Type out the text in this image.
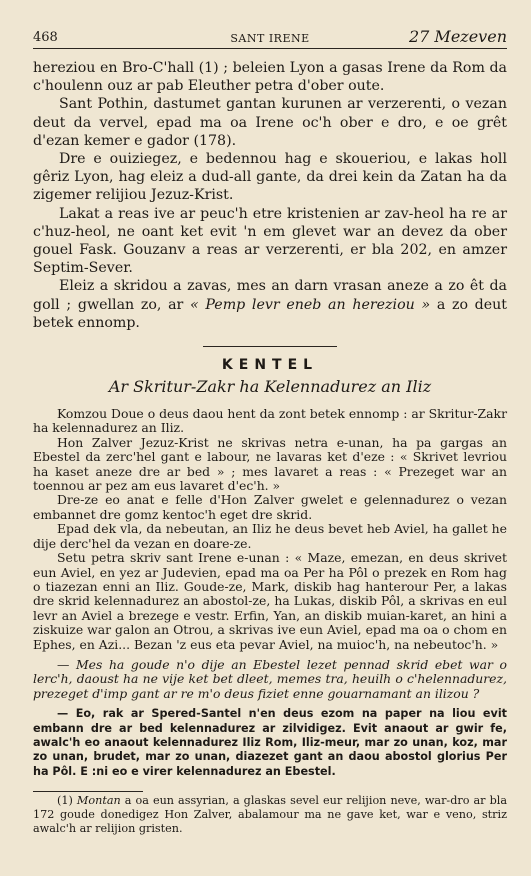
468	SANT IRENE	27 Mezeven

hereziou en Bro-C'hall (1) ; beleien Lyon a gasas Irene da Rom da c'houlenn ouz ar pab Eleuther petra d'ober oute.

Sant Pothin, dastumet gantan kurunen ar verzerenti, o vezan deut da vervel, epad ma oa Irene oc'h ober e dro, e oe grêt d'ezan kemer e gador (178).

Dre e ouiziegez, e bedennou hag e skoueriou, e lakas holl gêriz Lyon, hag eleiz a dud-all gante, da drei kein da Zatan ha da zigemer relijiou Jezuz-Krist.

Lakat a reas ive ar peuc'h etre kristenien ar zav-heol ha re ar c'huz-heol, ne oant ket evit 'n em glevet war an devez da ober gouel Fask. Gouzanv a reas ar verzerenti, er bla 202, en amzer Septim-Sever.

Eleiz a skridou a zavas, mes an darn vrasan aneze a zo êt da goll ; gwellan zo, ar « Pemp levr eneb an hereziou » a zo deut betek ennomp.

KENTEL
Ar Skritur-Zakr ha Kelennadurez an Iliz

Komzou Doue o deus daou hent da zont betek ennomp : ar Skritur-Zakr ha kelennadurez an Iliz.

Hon Zalver Jezuz-Krist ne skrivas netra e-unan, ha pa gargas an Ebestel da zerc'hel gant e labour, ne lavaras ket d'eze : « Skrivet levriou ha kaset aneze dre ar bed » ; mes lavaret a reas : « Prezeget war an toennou ar pez am eus lavaret d'ec'h. »

Dre-ze eo anat e felle d'Hon Zalver gwelet e gelennadurez o vezan embannet dre gomz kentoc'h eget dre skrid.

Epad dek vla, da nebeutan, an Iliz he deus bevet heb Aviel, ha gallet he dije derc'hel da vezan en doare-ze.

Setu petra skriv sant Irene e-unan : « Maze, emezan, en deus skrivet eun Aviel, en yez ar Judevien, epad ma oa Per ha Pôl o prezek en Rom hag o tiazezan enni an Iliz. Goude-ze, Mark, diskib hag hanterour Per, a lakas dre skrid kelennadurez an abostol-ze, ha Lukas, diskib Pôl, a skrivas en eul levr an Aviel a brezege e vestr. Erfin, Yan, an diskib muian-karet, an hini a ziskuize war galon an Otrou, a skrivas ive eun Aviel, epad ma oa o chom en Ephes, en Azi... Bezan 'z eus eta pevar Aviel, na muioc'h, na nebeutoc'h. »

— Mes ha goude n'o dije an Ebestel lezet pennad skrid ebet war o lerc'h, daoust ha ne vije ket bet dleet, memes tra, heuilh o c'helennadurez, prezeget d'imp gant ar re m'o deus fiziet enne gouarnamant an ilizou ?

— Eo, rak ar Spered-Santel n'en deus ezom na paper na liou evit embann dre ar bed kelennadurez ar zilvidigez. Evit anaout ar gwir fe, awalc'h eo anaout kelennadurez Iliz Rom, Iliz-meur, mar zo unan, koz, mar zo unan, brudet, mar zo unan, diazezet gant an daou abostol glorius Per ha Pôl. E :ni eo e virer kelennadurez an Ebestel.

(1) Montan a oa eun assyrian, a glaskas sevel eur relijion neve, war-dro ar bla 172 goude donedigez Hon Zalver, abalamour ma ne gave ket, war e veno, striz awalc'h ar relijion gristen.
